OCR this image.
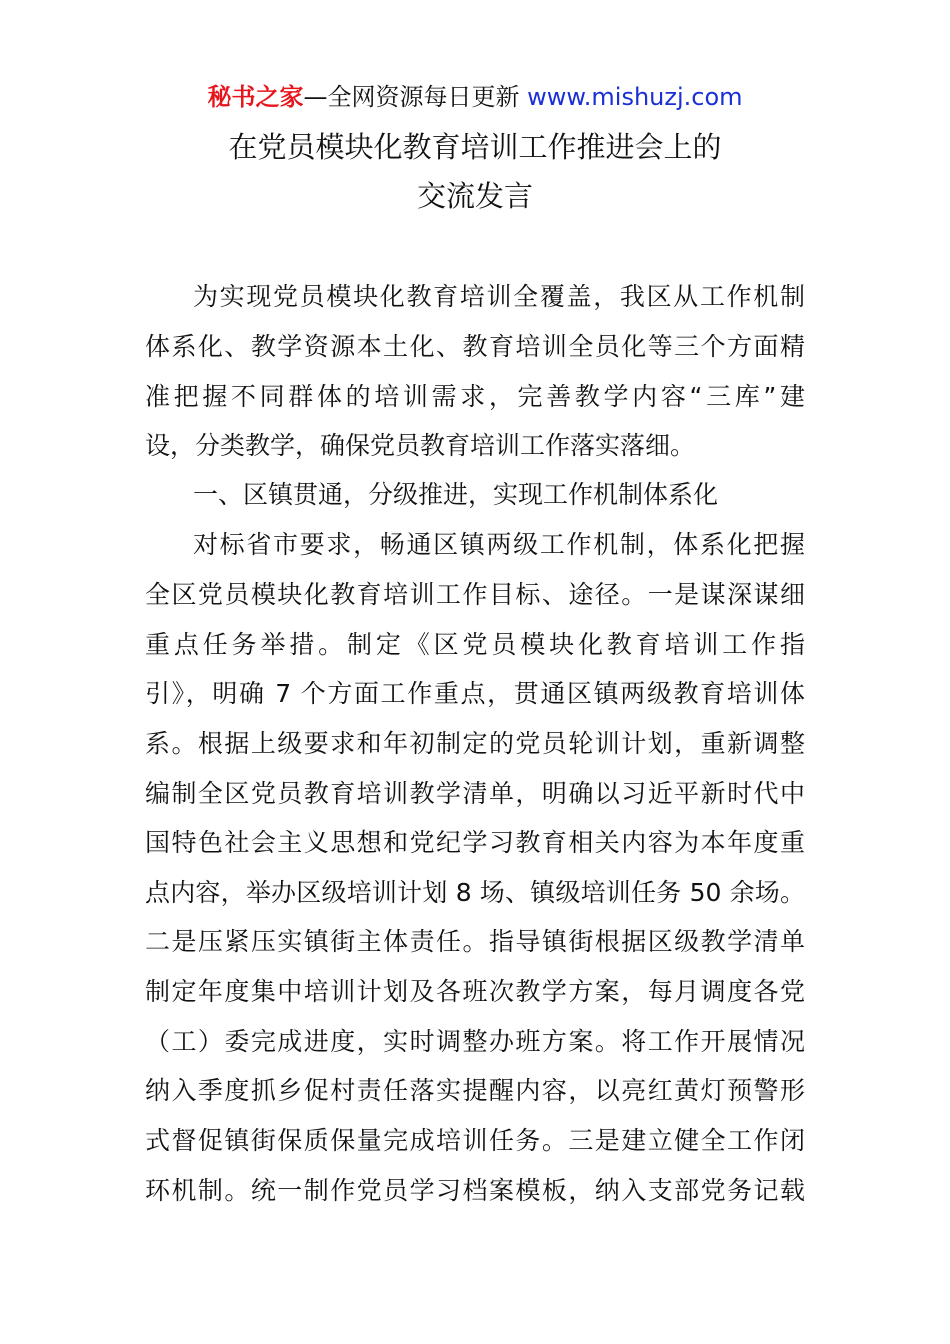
秘书之家—全网资源每日更新 www.mishuzj.com
在党员模块化教育培训工作推进会上的
交流发言
为实现党员模块化教育培训全覆盖，我区从工作机制
体系化、教学资源本土化、教育培训全员化等三个方面精
准把握不同群体的培训需求，完善教学内容“三库”建
设，分类教学，确保党员教育培训工作落实落细。
一、区镇贯通，分级推进，实现工作机制体系化
对标省市要求，畅通区镇两级工作机制，体系化把握
全区党员模块化教育培训工作目标、途径。一是谋深谋细
重点任务举措。制定《区党员模块化教育培训工作指
引》，明确 7 个方面工作重点，贯通区镇两级教育培训体
系。根据上级要求和年初制定的党员轮训计划，重新调整
编制全区党员教育培训教学清单，明确以习近平新时代中
国特色社会主义思想和党纪学习教育相关内容为本年度重
点内容，举办区级培训计划 8 场、镇级培训任务 50 余场。
二是压紧压实镇街主体责任。指导镇街根据区级教学清单
制定年度集中培训计划及各班次教学方案，每月调度各党
（工）委完成进度，实时调整办班方案。将工作开展情况
纳入季度抓乡促村责任落实提醒内容，以亮红黄灯预警形
式督促镇街保质保量完成培训任务。三是建立健全工作闭
环机制。统一制作党员学习档案模板，纳入支部党务记载
